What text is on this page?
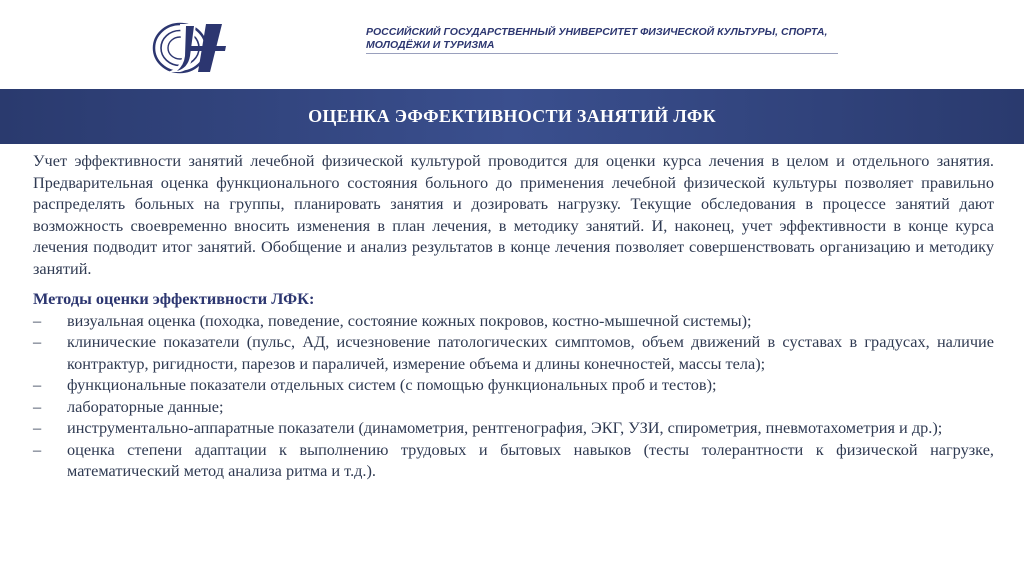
РОССИЙСКИЙ ГОСУДАРСТВЕННЫЙ УНИВЕРСИТЕТ ФИЗИЧЕСКОЙ КУЛЬТУРЫ, СПОРТА, МОЛОДЁЖИ И ТУРИЗМА
ОЦЕНКА ЭФФЕКТИВНОСТИ ЗАНЯТИЙ ЛФК

Учет эффективности занятий лечебной физической культурой проводится для оценки курса лечения в целом и отдельного занятия. Предварительная оценка функционального состояния больного до применения лечебной физической культуры позволяет правильно распределять больных на группы, планировать занятия и дозировать нагрузку. Текущие обследования в процессе занятий дают возможность своевременно вносить изменения в план лечения, в методику занятий. И, наконец, учет эффективности в конце курса лечения подводит итог занятий. Обобщение и анализ результатов в конце лечения позволяет совершенствовать организацию и методику занятий.

Методы оценки эффективности ЛФК:
– визуальная оценка (походка, поведение, состояние кожных покровов, костно-мышечной системы);
– клинические показатели (пульс, АД, исчезновение патологических симптомов, объем движений в суставах в градусах, наличие контрактур, ригидности, парезов и параличей, измерение объема и длины конечностей, массы тела);
– функциональные показатели отдельных систем (с помощью функциональных проб и тестов);
– лабораторные данные;
– инструментально-аппаратные показатели (динамометрия, рентгенография, ЭКГ, УЗИ, спирометрия, пневмотахометрия и др.);
– оценка степени адаптации к выполнению трудовых и бытовых навыков (тесты толерантности к физической нагрузке, математический метод анализа ритма и т.д.).
